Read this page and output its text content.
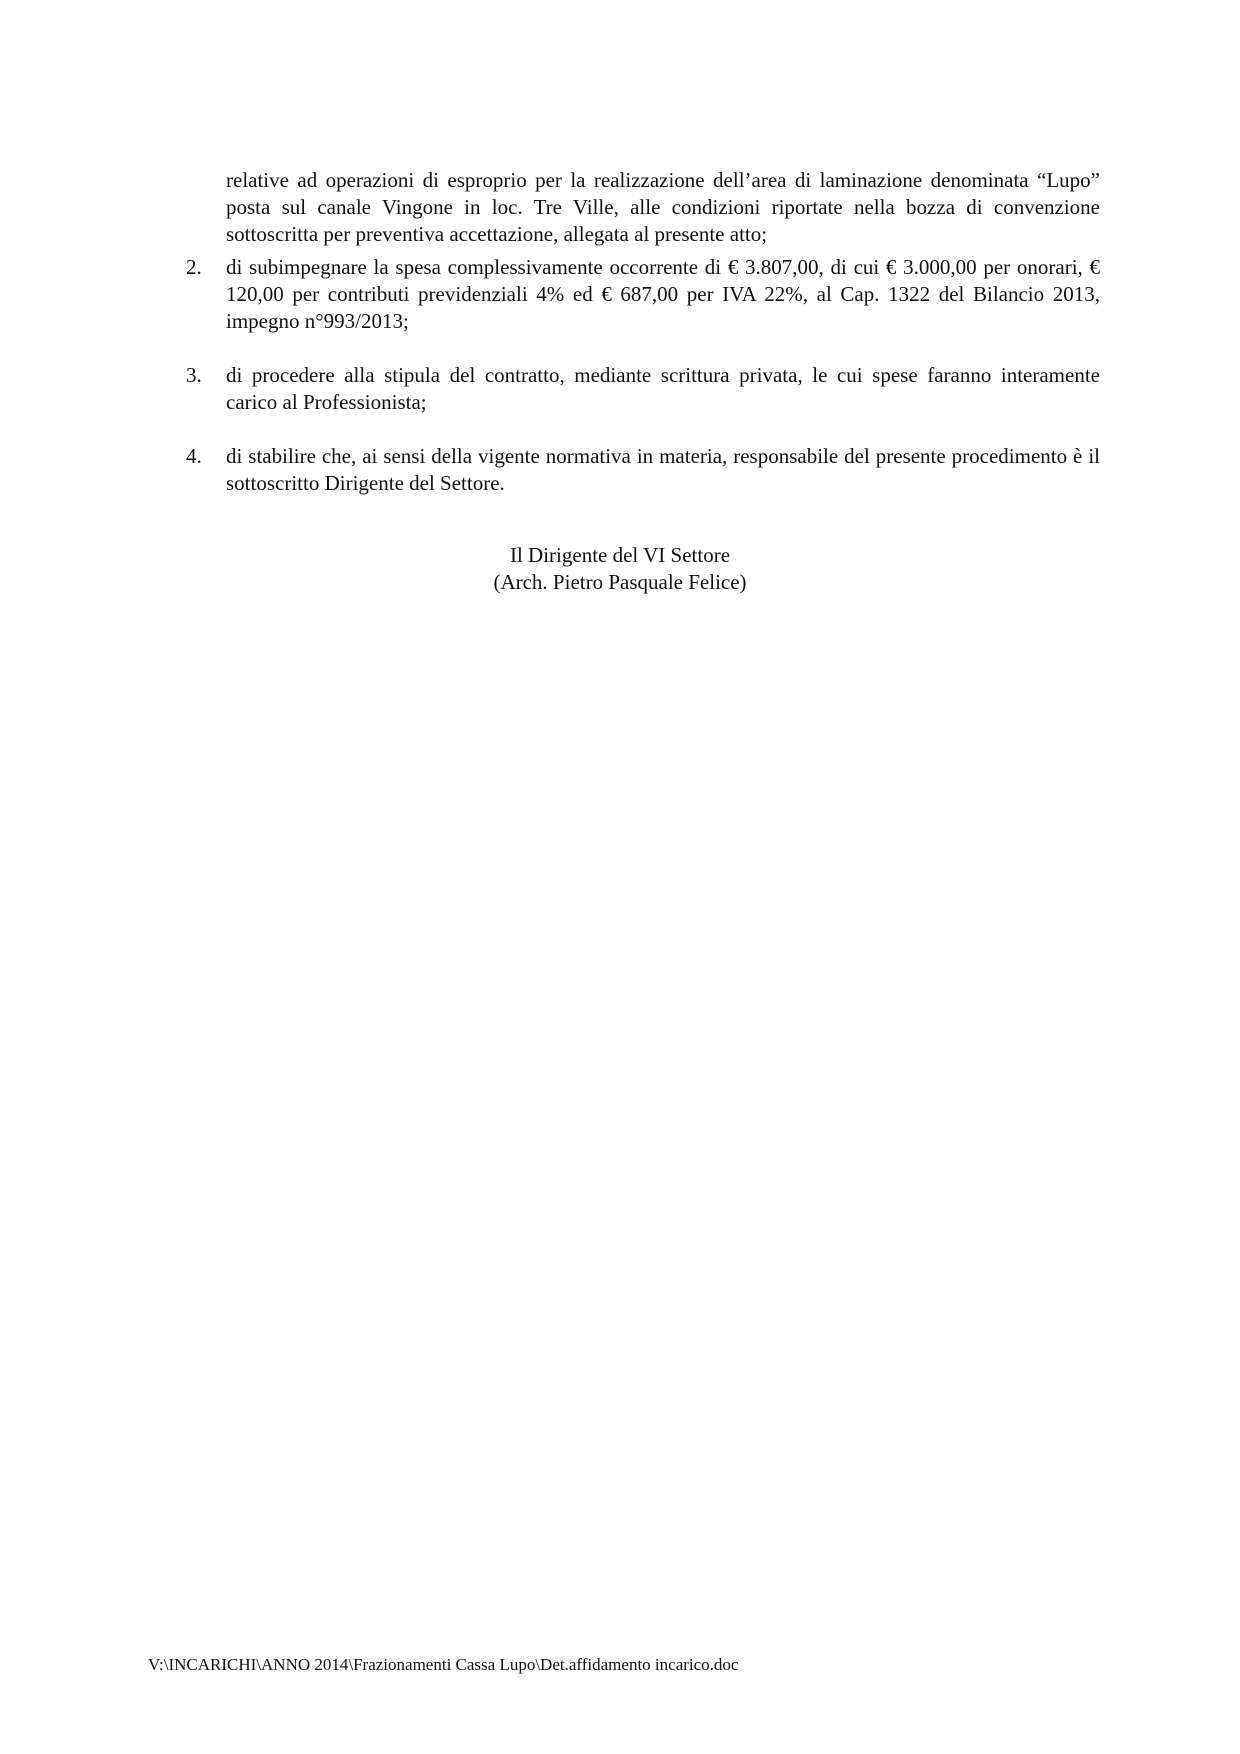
relative ad operazioni di esproprio per la realizzazione dell’area di laminazione denominata “Lupo” posta sul canale Vingone in loc. Tre Ville, alle condizioni riportate nella bozza di convenzione sottoscritta per preventiva accettazione, allegata al presente atto;

2.	di subimpegnare la spesa complessivamente occorrente di € 3.807,00, di cui € 3.000,00 per onorari, € 120,00 per contributi previdenziali 4% ed € 687,00 per IVA 22%, al Cap. 1322 del Bilancio 2013, impegno n°993/2013;
3.	di procedere alla stipula del contratto, mediante scrittura privata, le cui spese faranno interamente carico al Professionista;
4.	di stabilire che, ai sensi della vigente normativa in materia, responsabile del presente procedimento è il sottoscritto Dirigente del Settore.
Il Dirigente del VI Settore
(Arch. Pietro Pasquale Felice)
V:\INCARICHI\ANNO 2014\Frazionamenti Cassa Lupo\Det.affidamento incarico.doc
